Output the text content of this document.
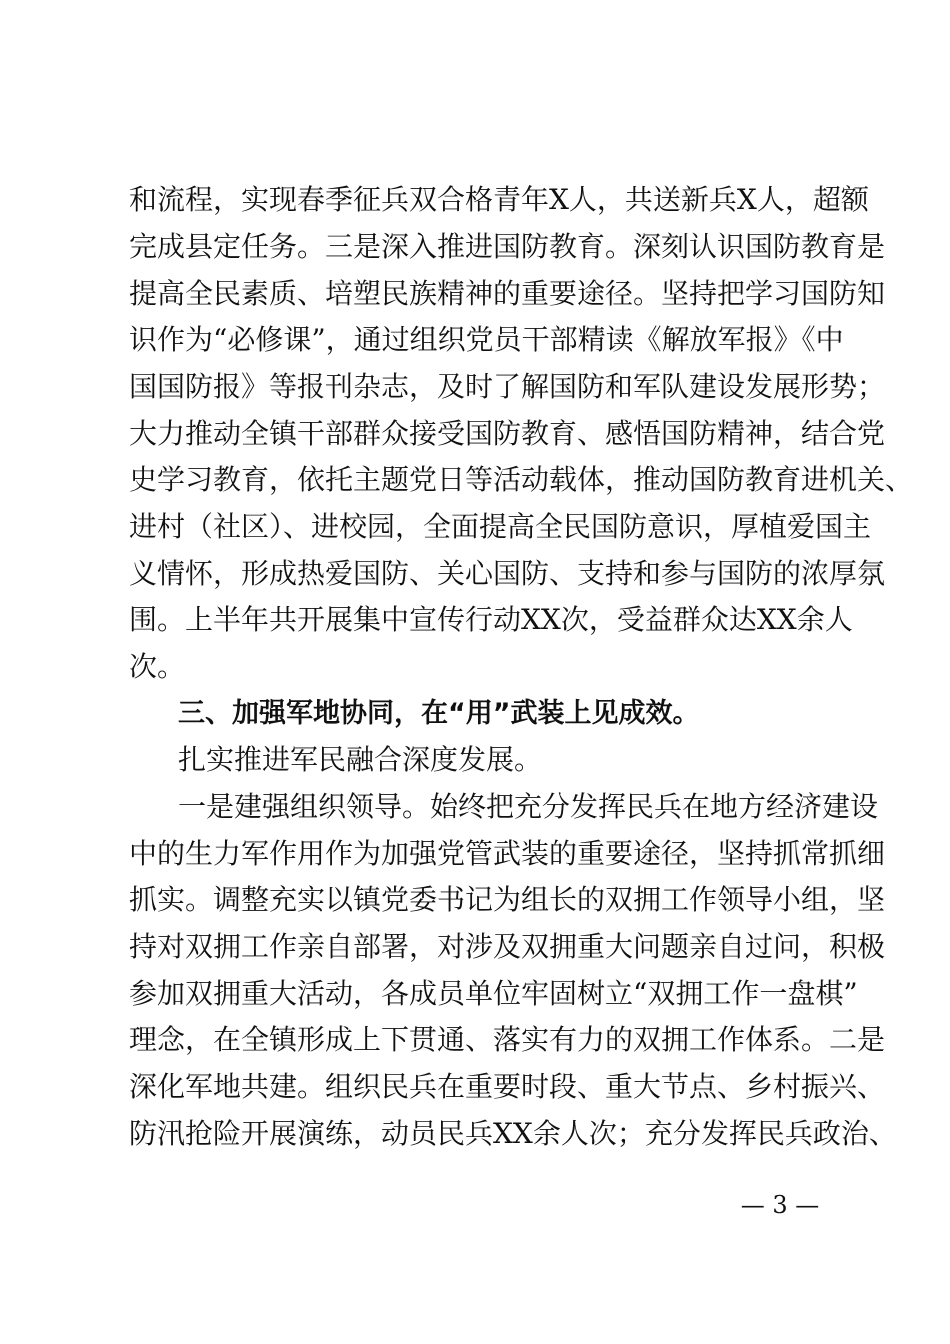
和流程，实现春季征兵双合格青年X人，共送新兵X人，超额
完成县定任务。三是深入推进国防教育。深刻认识国防教育是
提高全民素质、培塑民族精神的重要途径。坚持把学习国防知
识作为“必修课”，通过组织党员干部精读《解放军报》《中
国国防报》等报刊杂志，及时了解国防和军队建设发展形势；
大力推动全镇干部群众接受国防教育、感悟国防精神，结合党
史学习教育，依托主题党日等活动载体，推动国防教育进机关、
进村（社区）、进校园，全面提高全民国防意识，厚植爱国主
义情怀，形成热爱国防、关心国防、支持和参与国防的浓厚氛
围。上半年共开展集中宣传行动XX次，受益群众达XX余人
次。
三、加强军地协同，在“用”武装上见成效。
扎实推进军民融合深度发展。
一是建强组织领导。始终把充分发挥民兵在地方经济建设
中的生力军作用作为加强党管武装的重要途径，坚持抓常抓细
抓实。调整充实以镇党委书记为组长的双拥工作领导小组，坚
持对双拥工作亲自部署，对涉及双拥重大问题亲自过问，积极
参加双拥重大活动，各成员单位牢固树立“双拥工作一盘棋”
理念，在全镇形成上下贯通、落实有力的双拥工作体系。二是
深化军地共建。组织民兵在重要时段、重大节点、乡村振兴、
防汛抢险开展演练，动员民兵XX余人次；充分发挥民兵政治、
— 3 —
